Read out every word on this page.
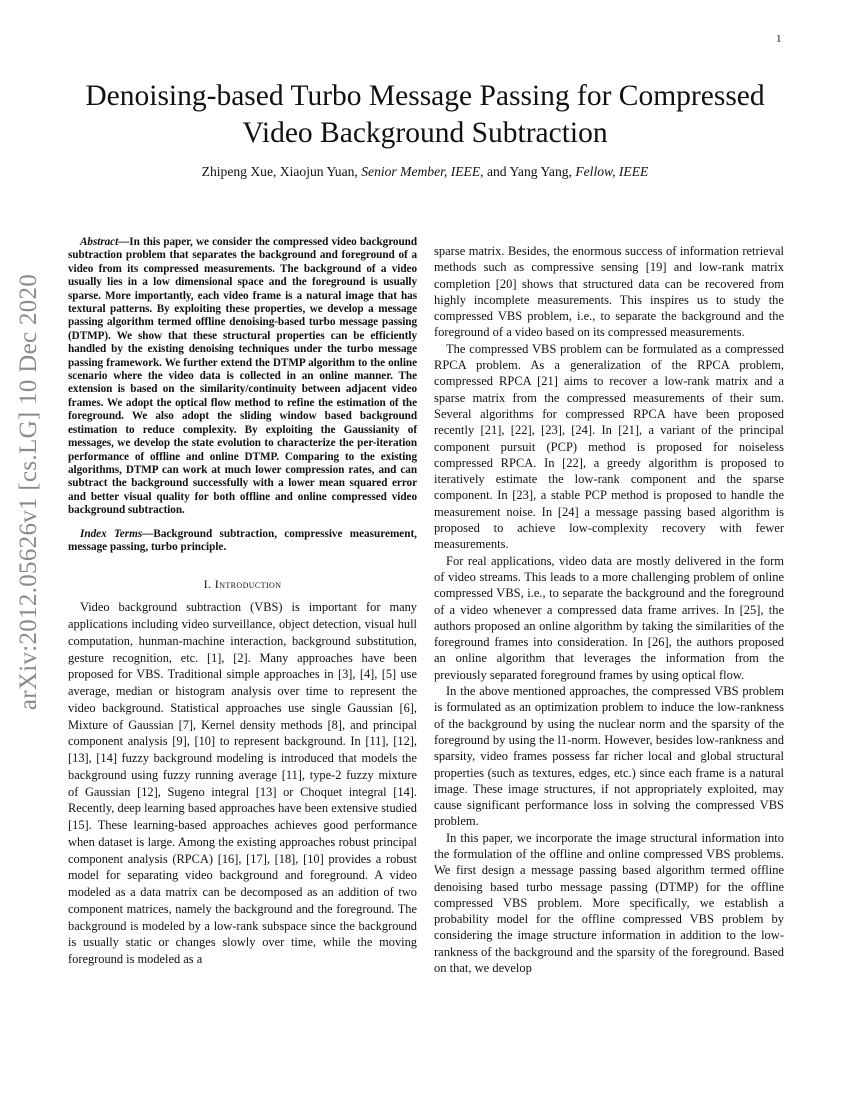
1
arXiv:2012.05626v1 [cs.LG] 10 Dec 2020
Denoising-based Turbo Message Passing for Compressed Video Background Subtraction
Zhipeng Xue, Xiaojun Yuan, Senior Member, IEEE, and Yang Yang, Fellow, IEEE

Abstract—In this paper, we consider the compressed video background subtraction problem that separates the background and foreground of a video from its compressed measurements. The background of a video usually lies in a low dimensional space and the foreground is usually sparse. More importantly, each video frame is a natural image that has textural patterns. By exploiting these properties, we develop a message passing algorithm termed offline denoising-based turbo message passing (DTMP). We show that these structural properties can be efficiently handled by the existing denoising techniques under the turbo message passing framework. We further extend the DTMP algorithm to the online scenario where the video data is collected in an online manner. The extension is based on the similarity/continuity between adjacent video frames. We adopt the optical flow method to refine the estimation of the foreground. We also adopt the sliding window based background estimation to reduce complexity. By exploiting the Gaussianity of messages, we develop the state evolution to characterize the per-iteration performance of offline and online DTMP. Comparing to the existing algorithms, DTMP can work at much lower compression rates, and can subtract the background successfully with a lower mean squared error and better visual quality for both offline and online compressed video background subtraction.

Index Terms—Background subtraction, compressive measurement, message passing, turbo principle.

I. Introduction

Video background subtraction (VBS) is important for many applications including video surveillance, object detection, visual hull computation, hunman-machine interaction, background substitution, gesture recognition, etc. [1], [2]. Many approaches have been proposed for VBS. Traditional simple approaches in [3], [4], [5] use average, median or histogram analysis over time to represent the video background. Statistical approaches use single Gaussian [6], Mixture of Gaussian [7], Kernel density methods [8], and principal component analysis [9], [10] to represent background. In [11], [12], [13], [14] fuzzy background modeling is introduced that models the background using fuzzy running average [11], type-2 fuzzy mixture of Gaussian [12], Sugeno integral [13] or Choquet integral [14]. Recently, deep learning based approaches have been extensive studied [15]. These learning-based approaches achieves good performance when dataset is large. Among the existing approaches robust principal component analysis (RPCA) [16], [17], [18], [10] provides a robust model for separating video background and foreground. A video modeled as a data matrix can be decomposed as an addition of two component matrices, namely the background and the foreground. The background is modeled by a low-rank subspace since the background is usually static or changes slowly over time, while the moving foreground is modeled as a

sparse matrix. Besides, the enormous success of information retrieval methods such as compressive sensing [19] and low-rank matrix completion [20] shows that structured data can be recovered from highly incomplete measurements. This inspires us to study the compressed VBS problem, i.e., to separate the background and the foreground of a video based on its compressed measurements.

The compressed VBS problem can be formulated as a compressed RPCA problem. As a generalization of the RPCA problem, compressed RPCA [21] aims to recover a low-rank matrix and a sparse matrix from the compressed measurements of their sum. Several algorithms for compressed RPCA have been proposed recently [21], [22], [23], [24]. In [21], a variant of the principal component pursuit (PCP) method is proposed for noiseless compressed RPCA. In [22], a greedy algorithm is proposed to iteratively estimate the low-rank component and the sparse component. In [23], a stable PCP method is proposed to handle the measurement noise. In [24] a message passing based algorithm is proposed to achieve low-complexity recovery with fewer measurements.

For real applications, video data are mostly delivered in the form of video streams. This leads to a more challenging problem of online compressed VBS, i.e., to separate the background and the foreground of a video whenever a compressed data frame arrives. In [25], the authors proposed an online algorithm by taking the similarities of the foreground frames into consideration. In [26], the authors proposed an online algorithm that leverages the information from the previously separated foreground frames by using optical flow.

In the above mentioned approaches, the compressed VBS problem is formulated as an optimization problem to induce the low-rankness of the background by using the nuclear norm and the sparsity of the foreground by using the l1-norm. However, besides low-rankness and sparsity, video frames possess far richer local and global structural properties (such as textures, edges, etc.) since each frame is a natural image. These image structures, if not appropriately exploited, may cause significant performance loss in solving the compressed VBS problem.

In this paper, we incorporate the image structural information into the formulation of the offline and online compressed VBS problems. We first design a message passing based algorithm termed offline denoising based turbo message passing (DTMP) for the offline compressed VBS problem. More specifically, we establish a probability model for the offline compressed VBS problem by considering the image structure information in addition to the low-rankness of the background and the sparsity of the foreground. Based on that, we develop
